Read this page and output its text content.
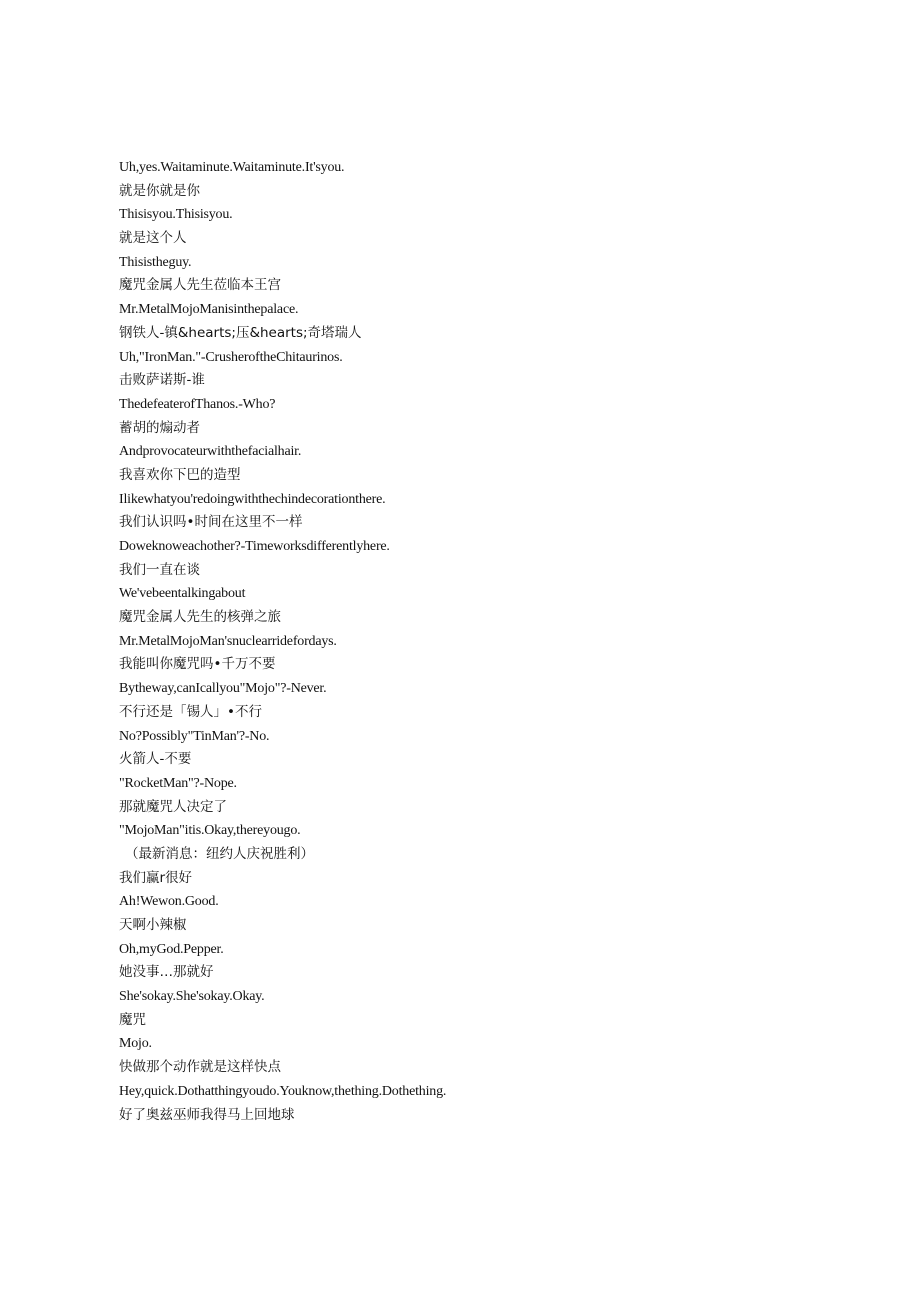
Uh,yes.Waitaminute.Waitaminute.It'syou.
就是你就是你
Thisisyou.Thisisyou.
就是这个人
Thisistheguy.
魔咒金属人先生莅临本王宫
Mr.MetalMojoManisinthepalace.
钢铁人-镇&hearts;压&hearts;奇塔瑞人
Uh,"IronMan."-CrusheroftheChitaurinos.
击败萨诺斯-谁
ThedefeaterofThanos.-Who?
蓄胡的煽动者
Andprovocateurwiththefacialhair.
我喜欢你下巴的造型
Ilikewhatyou'redoingwiththechindecorationthere.
我们认识吗•时间在这里不一样
Doweknoweachother?-Timeworksdifferentlyhere.
我们一直在谈
We'vebeentalkingabout
魔咒金属人先生的核弹之旅
Mr.MetalMojoMan'snuclearridefordays.
我能叫你魔咒吗•千万不要
Bytheway,canIcallyou"Mojo"?-Never.
不行还是「锡人」•不行
No?Possibly"TinMan'?-No.
火箭人-不要
"RocketMan"?-Nope.
那就魔咒人决定了
"MojoMan"itis.Okay,thereyougo.
（最新消息：纽约人庆祝胜利）
我们赢r很好
Ah!Wewon.Good.
天啊小辣椒
Oh,myGod.Pepper.
她没事…那就好
She'sokay.She'sokay.Okay.
魔咒
Mojo.
快做那个动作就是这样快点
Hey,quick.Dothatthingyoudo.Youknow,thething.Dothething.
好了奥兹巫师我得马上回地球
